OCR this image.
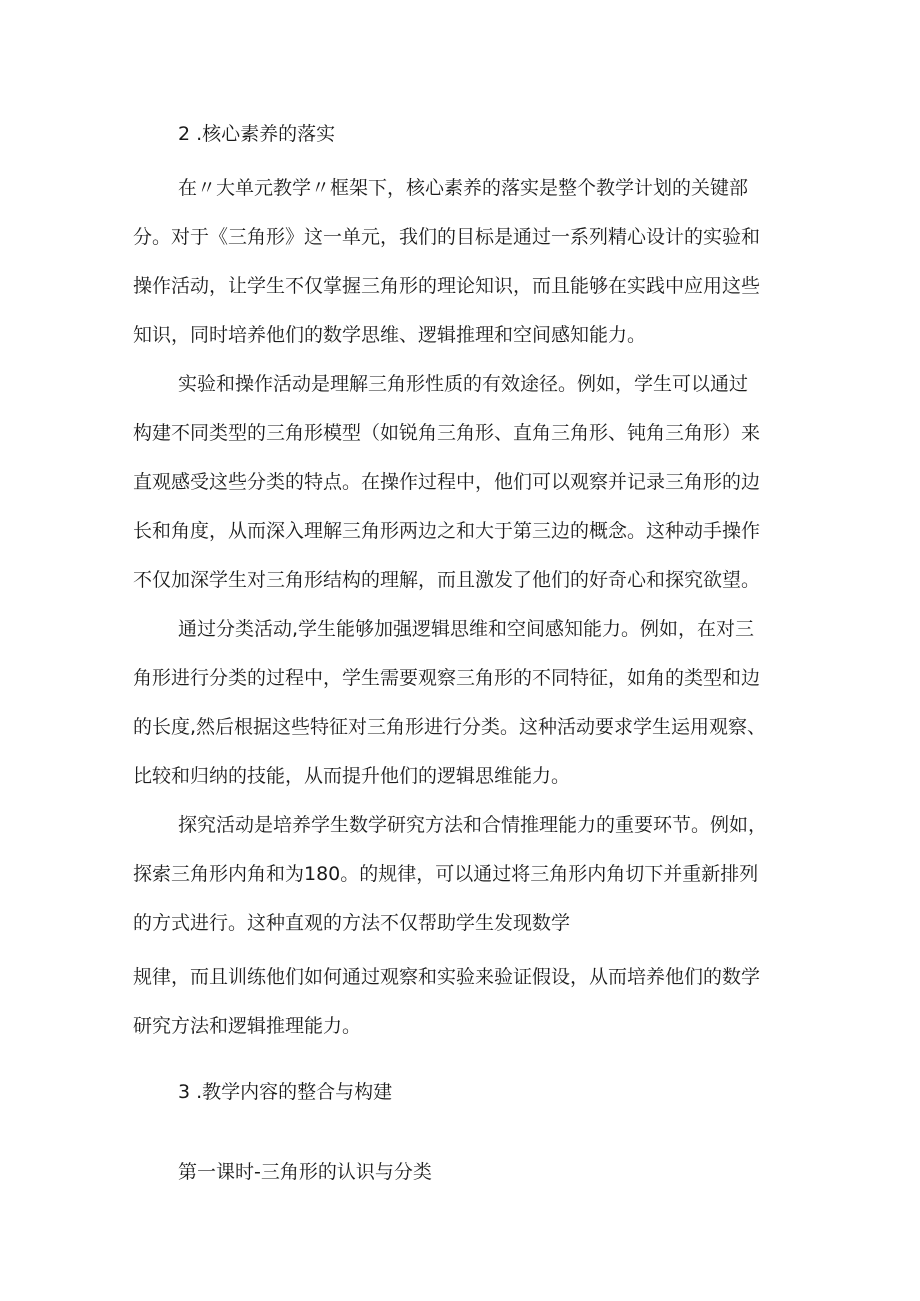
2 .核心素养的落实
在〃大单元教学〃框架下，核心素养的落实是整个教学计划的关键部
分。对于《三角形》这一单元，我们的目标是通过一系列精心设计的实验和
操作活动，让学生不仅掌握三角形的理论知识，而且能够在实践中应用这些
知识，同时培养他们的数学思维、逻辑推理和空间感知能力。
实验和操作活动是理解三角形性质的有效途径。例如，学生可以通过
构建不同类型的三角形模型（如锐角三角形、直角三角形、钝角三角形）来
直观感受这些分类的特点。在操作过程中，他们可以观察并记录三角形的边
长和角度，从而深入理解三角形两边之和大于第三边的概念。这种动手操作
不仅加深学生对三角形结构的理解，而且激发了他们的好奇心和探究欲望。
通过分类活动,学生能够加强逻辑思维和空间感知能力。例如，在对三
角形进行分类的过程中，学生需要观察三角形的不同特征，如角的类型和边
的长度,然后根据这些特征对三角形进行分类。这种活动要求学生运用观察、
比较和归纳的技能，从而提升他们的逻辑思维能力。
探究活动是培养学生数学研究方法和合情推理能力的重要环节。例如，
探索三角形内角和为180。的规律，可以通过将三角形内角切下并重新排列
的方式进行。这种直观的方法不仅帮助学生发现数学
规律，而且训练他们如何通过观察和实验来验证假设，从而培养他们的数学
研究方法和逻辑推理能力。
3 .教学内容的整合与构建
第一课时-三角形的认识与分类
